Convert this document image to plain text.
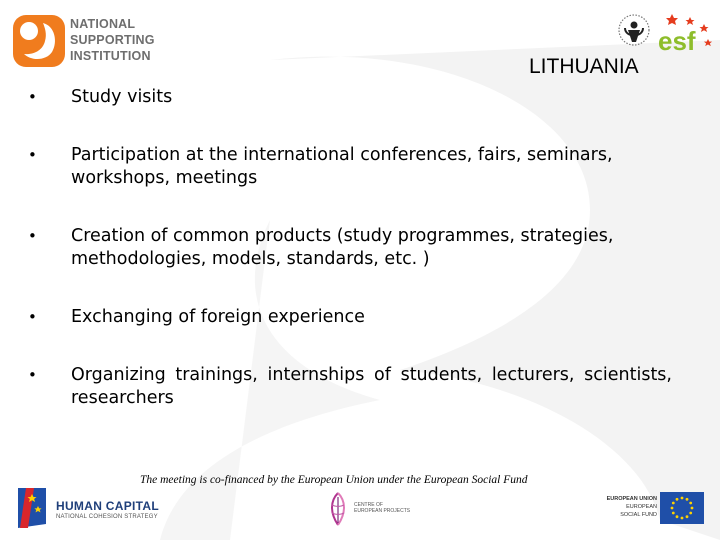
NATIONAL
SUPPORTING
INSTITUTION	esf
LITHUANIA
• Study visits
• Participation at the international conferences, fairs, seminars, workshops, meetings
• Creation of common products (study programmes, strategies, methodologies, models, standards, etc. )
• Exchanging of foreign experience
• Organizing trainings, internships of students, lecturers, scientists, researchers
The meeting is co-financed by the European Union under the European Social Fund
HUMAN CAPITAL
NATIONAL COHESION STRATEGY
CENTRE OF
EUROPEAN PROJECTS
EUROPEAN UNION
EUROPEAN
SOCIAL FUND
